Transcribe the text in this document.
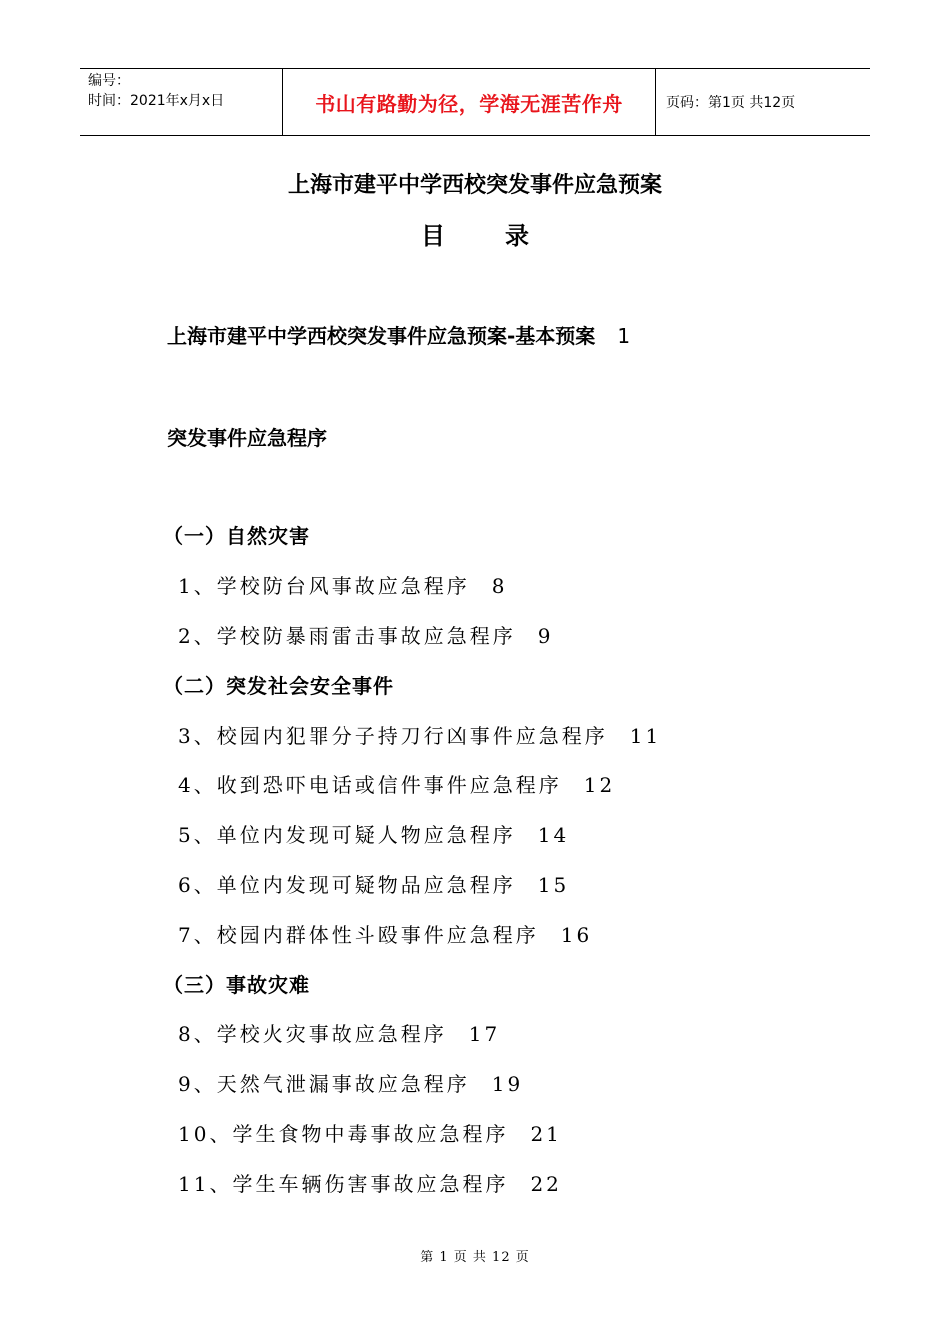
编号：
时间：2021年x月x日	书山有路勤为径，学海无涯苦作舟	页码：第1页 共12页
上海市建平中学西校突发事件应急预案
目录
上海市建平中学西校突发事件应急预案-基本预案 1
突发事件应急程序
（一）自然灾害
1、学校防台风事故应急程序 8
2、学校防暴雨雷击事故应急程序 9
（二）突发社会安全事件
3、校园内犯罪分子持刀行凶事件应急程序 11
4、收到恐吓电话或信件事件应急程序 12
5、单位内发现可疑人物应急程序 14
6、单位内发现可疑物品应急程序 15
7、校园内群体性斗殴事件应急程序 16
（三）事故灾难
8、学校火灾事故应急程序 17
9、天然气泄漏事故应急程序 19
10、学生食物中毒事故应急程序 21
11、学生车辆伤害事故应急程序 22
第 1 页 共 12 页
